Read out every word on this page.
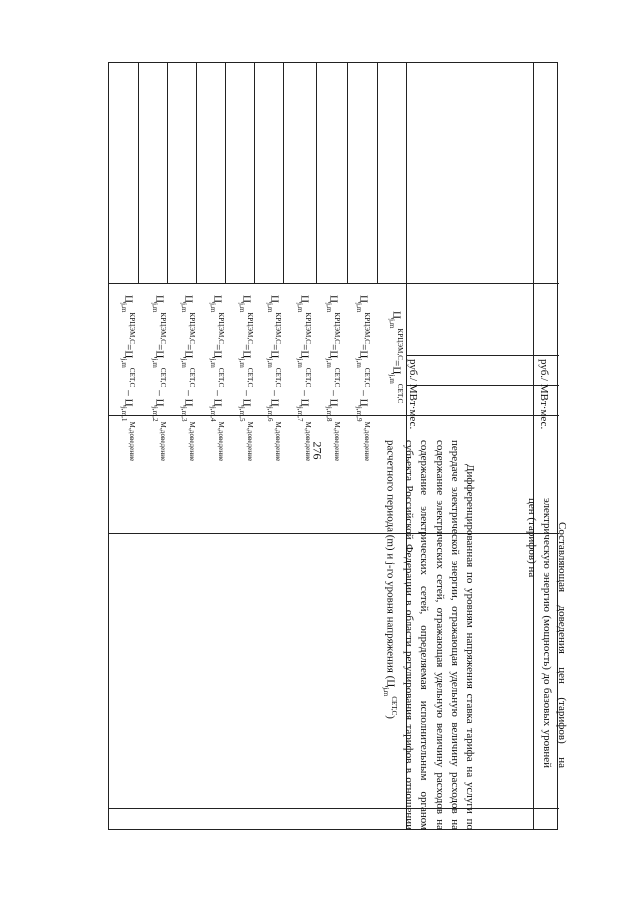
276
$Ц_{j,m}^{КРЦЭМ,С}=Ц_{j,m}^{СЕТ,С} - Ц_{j,m,1}^{М,доведение}$
$Ц_{j,m}^{КРЦЭМ,С}=Ц_{j,m}^{СЕТ,С} - Ц_{j,m,2}^{М,доведение}$
$Ц_{j,m}^{КРЦЭМ,С}=Ц_{j,m}^{СЕТ,С} - Ц_{j,m,3}^{М,доведение}$
$Ц_{j,m}^{КРЦЭМ,С}=Ц_{j,m}^{СЕТ,С} - Ц_{j,m,4}^{М,доведение}$
$Ц_{j,m}^{КРЦЭМ,С}=Ц_{j,m}^{СЕТ,С} - Ц_{j,m,5}^{М,доведение}$
$Ц_{j,m}^{КРЦЭМ,С}=Ц_{j,m}^{СЕТ,С} - Ц_{j,m,6}^{М,доведение}$
$Ц_{j,m}^{КРЦЭМ,С}=Ц_{j,m}^{СЕТ,С} - Ц_{j,m,7}^{М,доведение}$
$Ц_{j,m}^{КРЦЭМ,С}=Ц_{j,m}^{СЕТ,С} - Ц_{j,m,8}^{М,доведение}$
$Ц_{j,m}^{КРЦЭМ,С}=Ц_{j,m}^{СЕТ,С} - Ц_{j,m,9}^{М,доведение}$
$Ц_{j,m}^{КРЦЭМ,С}=Ц_{j,m}^{СЕТ,С}$
Дифференцированная по уровням напряжения ставка тарифа на услуги по передаче электрической энергии, отражающая удельную величину расходов на содержание электрических сетей, отражающая удельную величину расходов на содержание электрических сетей, определяемая исполнительным органом субъекта Российской Федерации в области регулирования тарифов в отношении расчетного периода (m) и j-го уровня напряжения $(Ц_{j,m}^{СЕТ,С})$
руб./ МВт·мес.
Составляющая доведения цен (тарифов) на электрическую энергию (мощность) до базовых уровней цен (тарифов) на
руб./ МВт·мес.
